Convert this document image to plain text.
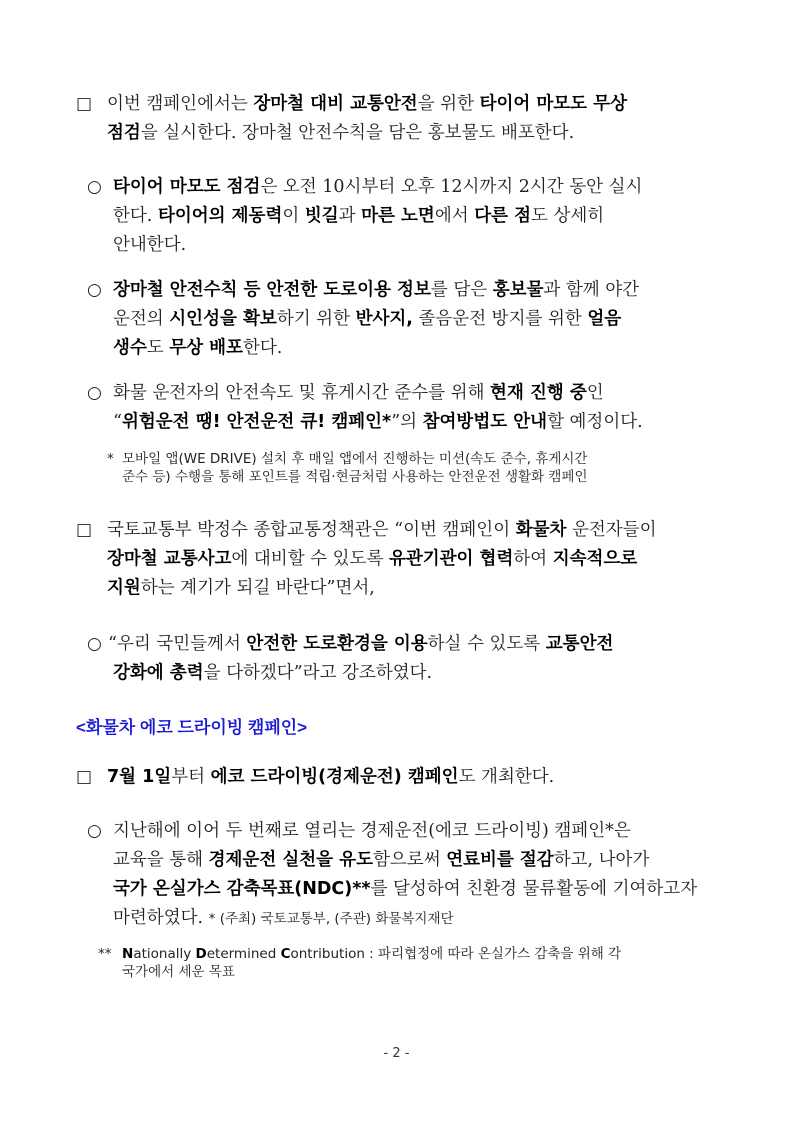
□ 이번 캠페인에서는 장마철 대비 교통안전을 위한 타이어 마모도 무상
점검을 실시한다. 장마철 안전수칙을 담은 홍보물도 배포한다.
○ 타이어 마모도 점검은 오전 10시부터 오후 12시까지 2시간 동안 실시
한다. 타이어의 제동력이 빗길과 마른 노면에서 다른 점도 상세히
안내한다.
○ 장마철 안전수칙 등 안전한 도로이용 정보를 담은 홍보물과 함께 야간
운전의 시인성을 확보하기 위한 반사지, 졸음운전 방지를 위한 얼음
생수도 무상 배포한다.
○ 화물 운전자의 안전속도 및 휴게시간 준수를 위해 현재 진행 중인
“위험운전 땡! 안전운전 큐! 캠페인*”의 참여방법도 안내할 예정이다.
* 모바일 앱(WE DRIVE) 설치 후 매일 앱에서 진행하는 미션(속도 준수, 휴게시간
준수 등) 수행을 통해 포인트를 적립·현금처럼 사용하는 안전운전 생활화 캠페인
□ 국토교통부 박정수 종합교통정책관은 “이번 캠페인이 화물차 운전자들이
장마철 교통사고에 대비할 수 있도록 유관기관이 협력하여 지속적으로
지원하는 계기가 되길 바란다”면서,
○ “우리 국민들께서 안전한 도로환경을 이용하실 수 있도록 교통안전
강화에 총력을 다하겠다”라고 강조하였다.
<화물차 에코 드라이빙 캠페인>
□ 7월 1일부터 에코 드라이빙(경제운전) 캠페인도 개최한다.
○ 지난해에 이어 두 번째로 열리는 경제운전(에코 드라이빙) 캠페인*은
교육을 통해 경제운전 실천을 유도함으로써 연료비를 절감하고, 나아가
국가 온실가스 감축목표(NDC)**를 달성하여 친환경 물류활동에 기여하고자
마련하였다. * (주최) 국토교통부, (주관) 화물복지재단
** Nationally Determined Contribution : 파리협정에 따라 온실가스 감축을 위해 각
국가에서 세운 목표
- 2 -
